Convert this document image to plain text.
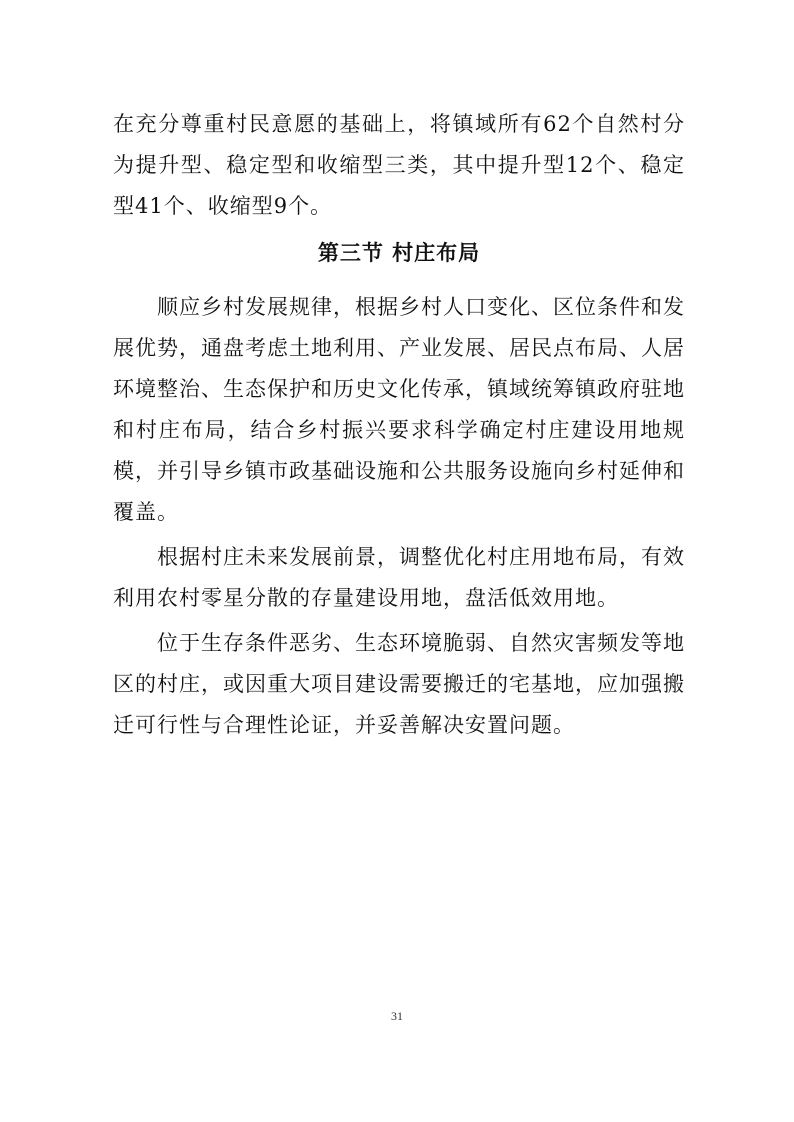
在充分尊重村民意愿的基础上，将镇域所有62个自然村分为提升型、稳定型和收缩型三类，其中提升型12个、稳定型41个、收缩型9个。

第三节 村庄布局

顺应乡村发展规律，根据乡村人口变化、区位条件和发展优势，通盘考虑土地利用、产业发展、居民点布局、人居环境整治、生态保护和历史文化传承，镇域统筹镇政府驻地和村庄布局，结合乡村振兴要求科学确定村庄建设用地规模，并引导乡镇市政基础设施和公共服务设施向乡村延伸和覆盖。

根据村庄未来发展前景，调整优化村庄用地布局，有效利用农村零星分散的存量建设用地，盘活低效用地。

位于生存条件恶劣、生态环境脆弱、自然灾害频发等地区的村庄，或因重大项目建设需要搬迁的宅基地，应加强搬迁可行性与合理性论证，并妥善解决安置问题。

31
